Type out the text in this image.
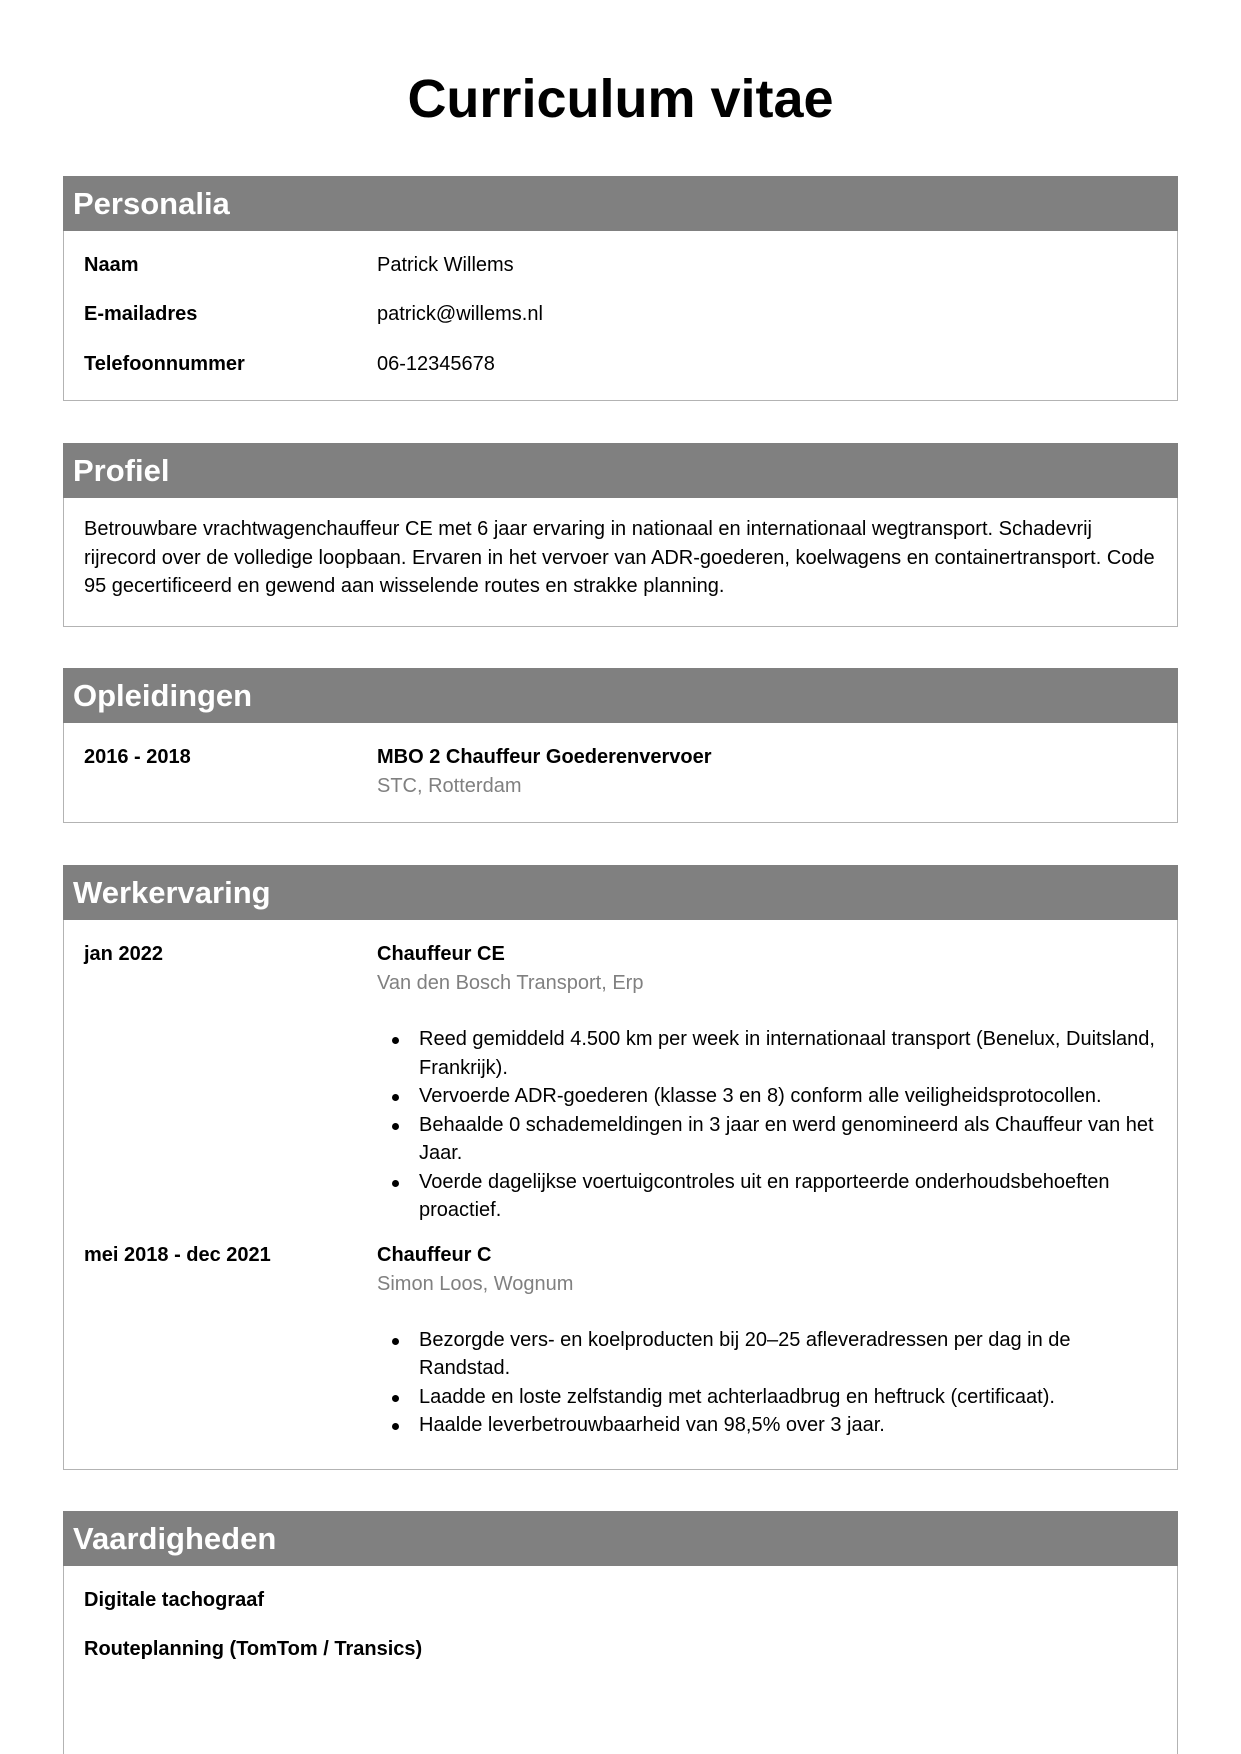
Curriculum vitae
Personalia
Naam	Patrick Willems
E-mailadres	patrick@willems.nl
Telefoonnummer	06-12345678
Profiel
Betrouwbare vrachtwagenchauffeur CE met 6 jaar ervaring in nationaal en internationaal wegtransport. Schadevrij rijrecord over de volledige loopbaan. Ervaren in het vervoer van ADR-goederen, koelwagens en containertransport. Code 95 gecertificeerd en gewend aan wisselende routes en strakke planning.
Opleidingen
2016 - 2018	MBO 2 Chauffeur Goederenvervoer
STC, Rotterdam
Werkervaring
jan 2022	Chauffeur CE
Van den Bosch Transport, Erp
Reed gemiddeld 4.500 km per week in internationaal transport (Benelux, Duitsland, Frankrijk).
Vervoerde ADR-goederen (klasse 3 en 8) conform alle veiligheidsprotocollen.
Behaalde 0 schademeldingen in 3 jaar en werd genomineerd als Chauffeur van het Jaar.
Voerde dagelijkse voertuigcontroles uit en rapporteerde onderhoudsbehoeften proactief.
mei 2018 - dec 2021	Chauffeur C
Simon Loos, Wognum
Bezorgde vers- en koelproducten bij 20–25 afleveradressen per dag in de Randstad.
Laadde en loste zelfstandig met achterlaadbrug en heftruck (certificaat).
Haalde leverbetrouwbaarheid van 98,5% over 3 jaar.
Vaardigheden
Digitale tachograaf
Routeplanning (TomTom / Transics)
